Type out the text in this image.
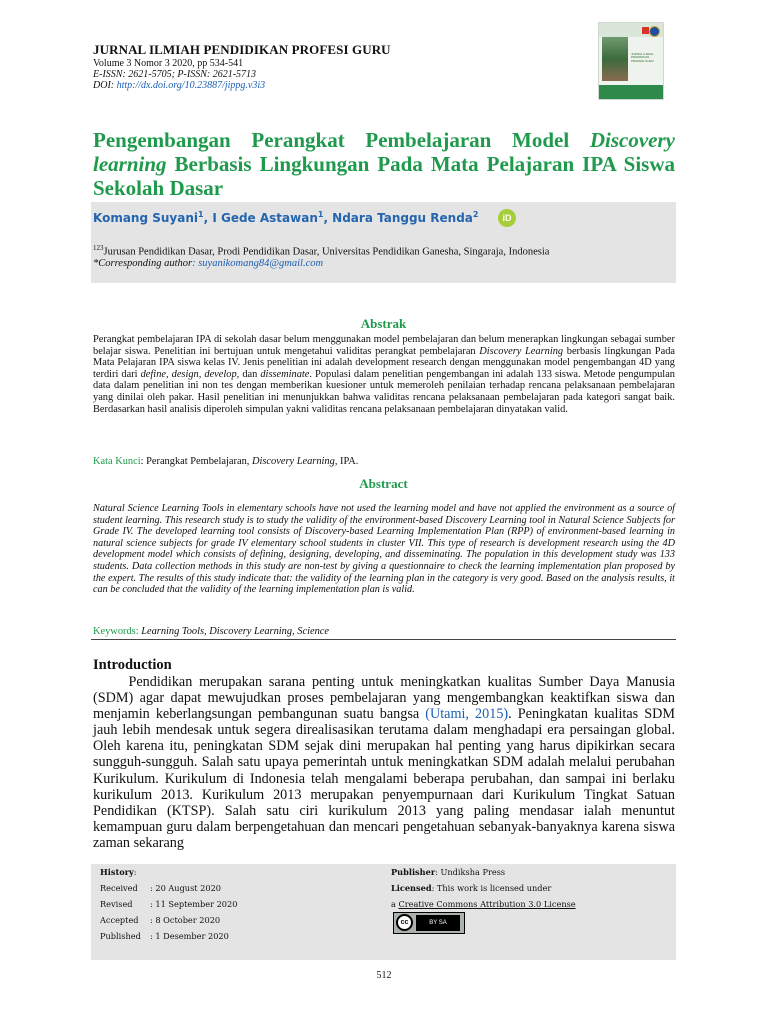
JURNAL ILMIAH PENDIDIKAN PROFESI GURU
Volume 3 Nomor 3 2020, pp 534-541
E-ISSN: 2621-5705; P-ISSN: 2621-5713
DOI: http://dx.doi.org/10.23887/jippg.v3i3
JURNAL ILMIAH PENDIDIKAN PROFESI GURU
Pengembangan Perangkat Pembelajaran Model Discovery learning Berbasis Lingkungan Pada Mata Pelajaran IPA Siswa Sekolah Dasar
Komang Suyani$^1$, I Gede Astawan$^1$, Ndara Tanggu Renda$^2$	iD
$^{123}$Jurusan Pendidikan Dasar, Prodi Pendidikan Dasar, Universitas Pendidikan Ganesha, Singaraja, Indonesia
*Corresponding author: suyanikomang84@gmail.com
Abstrak
Perangkat pembelajaran IPA di sekolah dasar belum menggunakan model pembelajaran dan belum menerapkan lingkungan sebagai sumber belajar siswa. Penelitian ini bertujuan untuk mengetahui validitas perangkat pembelajaran Discovery Learning berbasis lingkungan Pada Mata Pelajaran IPA siswa kelas IV. Jenis penelitian ini adalah development research dengan menggunakan model pengembangan 4D yang terdiri dari define, design, develop, dan disseminate. Populasi dalam penelitian pengembangan ini adalah 133 siswa. Metode pengumpulan data dalam penelitian ini non tes dengan memberikan kuesioner untuk memeroleh penilaian terhadap rencana pelaksanaan pembelajaran yang dinilai oleh pakar. Hasil penelitian ini menunjukkan bahwa validitas rencana pelaksanaan pembelajaran pada kategori sangat baik. Berdasarkan hasil analisis diperoleh simpulan yakni validitas rencana pelaksanaan pembelajaran dinyatakan valid.
Kata Kunci: Perangkat Pembelajaran, Discovery Learning, IPA.
Abstract
Natural Science Learning Tools in elementary schools have not used the learning model and have not applied the environment as a source of student learning. This research study is to study the validity of the environment-based Discovery Learning tool in Natural Science Subjects for Grade IV. The developed learning tool consists of Discovery-based Learning Implementation Plan (RPP) of environment-based learning in natural science subjects for grade IV elementary school students in cluster VII. This type of research is development research using the 4D development model which consists of defining, designing, developing, and disseminating. The population in this development study was 133 students. Data collection methods in this study are non-test by giving a questionnaire to check the learning implementation plan proposed by the expert. The results of this study indicate that: the validity of the learning plan in the category is very good. Based on the analysis results, it can be concluded that the validity of the learning implementation plan is valid.
Keywords: Learning Tools, Discovery Learning, Science
Introduction
   Pendidikan merupakan sarana penting untuk meningkatkan kualitas Sumber Daya Manusia (SDM) agar dapat mewujudkan proses pembelajaran yang mengembangkan keaktifkan siswa dan menjamin keberlangsungan pembangunan suatu bangsa (Utami, 2015). Peningkatan kualitas SDM jauh lebih mendesak untuk segera direalisasikan terutama dalam menghadapi era persaingan global. Oleh karena itu, peningkatan SDM sejak dini merupakan hal penting yang harus dipikirkan secara sungguh-sungguh. Salah satu upaya pemerintah untuk meningkatkan SDM adalah melalui perubahan Kurikulum. Kurikulum di Indonesia telah mengalami beberapa perubahan, dan sampai ini berlaku kurikulum 2013. Kurikulum 2013 merupakan penyempurnaan dari Kurikulum Tingkat Satuan Pendidikan (KTSP). Salah satu ciri kurikulum 2013 yang paling mendasar ialah menuntut kemampuan guru dalam berpengetahuan dan mencari pengetahuan sebanyak-banyaknya karena siswa zaman sekarang
History:
Received : 20 August 2020
Revised : 11 September 2020
Accepted : 8 October 2020
Published : 1 Desember 2020
Publisher: Undiksha Press
Licensed: This work is licensed under
a Creative Commons Attribution 3.0 License
cc	BY SA
512
